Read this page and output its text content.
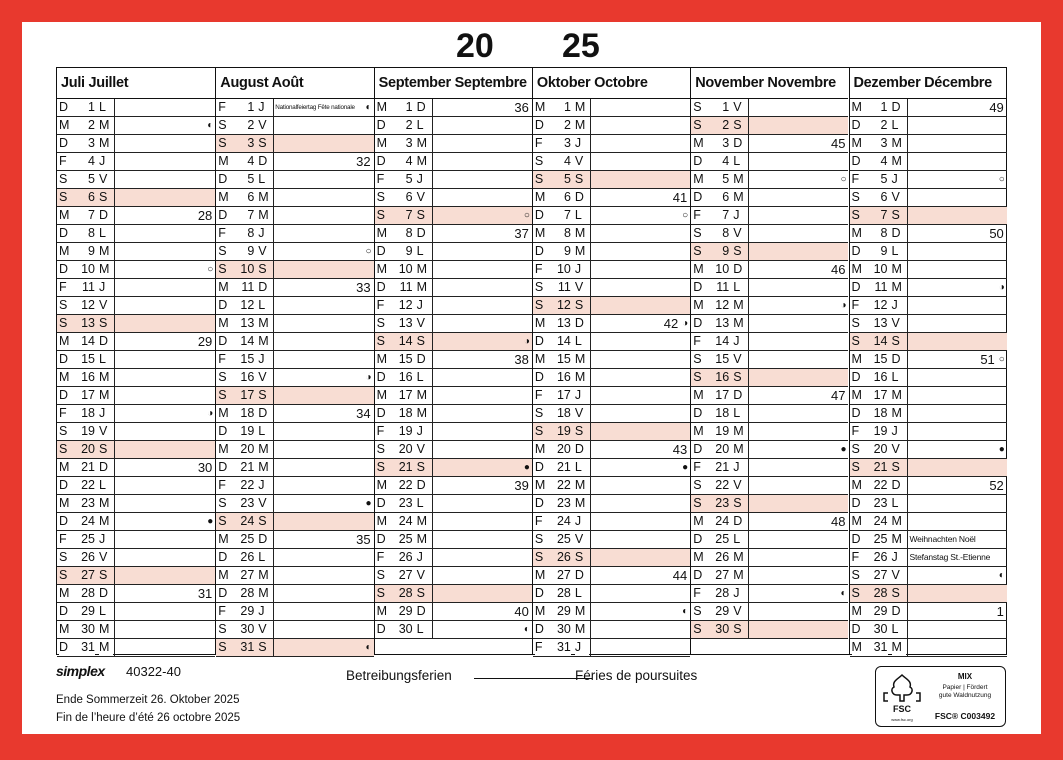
20 25
Juli Juillet
D	1 L
M	2 M	◐
D	3 M
F	4 J
S	5 V
S	6 S
M	7 D	28
D	8 L
M	9 M
D	10 M	○
F	11 J
S	12 V
S	13 S
M 14 D	29
D	15 L
M 16 M
D	17 M
F	18 J	◑
S	19 V
S	20 S
M 21 D	30
D	22 L
M 23 M
D	24 M	●
F	25 J
S	26 V
S	27 S
M 28 D	31
D	29 L
M 30 M
D	31 M
August Août
F	1 J	Nationalfeiertag Fête nationale ◐
S	2 V
S	3 S
M	4 D	32
D	5 L
M	6 M
D	7 M
F	8 J
S	9 V	○
S	10 S
M	11 D	33
D	12 L
M 13 M
D	14 M
F	15 J
S	16 V	◑
S	17 S
M 18 D	34
D	19 L
M 20 M
D	21 M
F	22 J
S	23 V	●
S	24 S
M 25 D	35
D	26 L
M 27 M
D	28 M
F	29 J
S	30 V
S	31 S	◐
September Septembre
M	1 D	36
D	2 L
M	3 M
D	4 M
F	5 J
S	6 V
S	7 S	○
M	8 D	37
D	9 L
M 10 M
D	11 M
F	12 J
S	13 V
S	14 S	◑
M 15 D	38
D	16 L
M 17 M
D	18 M
F	19 J
S	20 V
S	21 S	●
M 22 D	39
D	23 L
M 24 M
D	25 M
F	26 J
S	27 V
S	28 S
M 29 D	40
D	30 L	◐
Oktober Octobre
M	1 M
D	2 M
F	3 J
S	4 V
S	5 S
M	6 D	41
D	7 L	○
M	8 M
D	9 M
F	10 J
S	11 V
S	12 S
M 13 D	42 ◑
D	14 L
M 15 M
D	16 M
F	17 J
S	18 V
S	19 S
M 20 D	43
D	21 L	●
M 22 M
D	23 M
F	24 J
S	25 V
S	26 S
M 27 D	44
D	28 L
M 29 M	◐
D	30 M
F	31 J
November Novembre
S	1 V
S	2 S
M	3 D	45
D	4 L
M	5 M	○
D	6 M
F	7 J
S	8 V
S	9 S
M 10 D	46
D	11 L
M 12 M	◑
D	13 M
F	14 J
S	15 V
S	16 S
M 17 D	47
D	18 L
M 19 M
D	20 M	●
F	21 J
S	22 V
S	23 S
M 24 D	48
D	25 L
M 26 M
D	27 M
F	28 J	◐
S	29 V
S	30 S
Dezember Décembre
M	1 D	49
D	2 L
M	3 M
D	4 M
F	5 J	○
S	6 V
S	7 S
M	8 D	50
D	9 L
M 10 M
D	11 M	◑
F	12 J
S	13 V
S	14 S
M 15 D	51 ○
D	16 L
M 17 M
D	18 M
F	19 J
S	20 V	●
S	21 S
M 22 D	52
D	23 L
M 24 M
D	25 M Weihnachten Noël
F	26 J	Stefanstag St.-Etienne
S	27 V	◐
S	28 S
M 29 D	1
D	30 L
M 31 M
simplex 40322-40
Ende Sommerzeit 26. Oktober 2025
Fin de l’heure d’été 26 octobre 2025
Betreibungsferien	Féries de poursuites
FSC
www.fsc.org
MIX
Papier | Fördert
gute Waldnutzung
FSC® C003492
